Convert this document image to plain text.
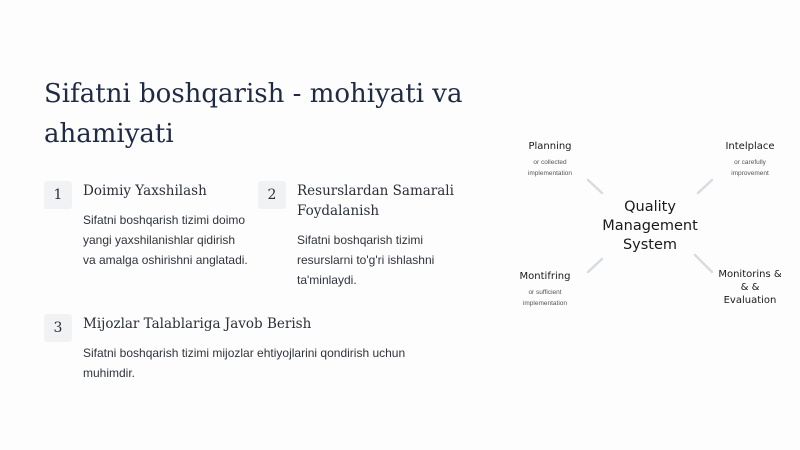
Sifatni boshqarish - mohiyati va ahamiyati
1	Doimiy Yaxshilash
Sifatni boshqarish tizimi doimo yangi yaxshilanishlar qidirish va amalga oshirishni anglatadi.
2	Resurslardan Samarali Foydalanish
Sifatni boshqarish tizimi resurslarni to'g'ri ishlashni ta'minlaydi.
3	Mijozlar Talablariga Javob Berish
Sifatni boshqarish tizimi mijozlar ehtiyojlarini qondirish uchun muhimdir.
Quality Management System
Planning
or collected
implementation
Intelplace
or carefully
improvement
Montifring
or sufficient
implementation
Monitorins & & & Evaluation
